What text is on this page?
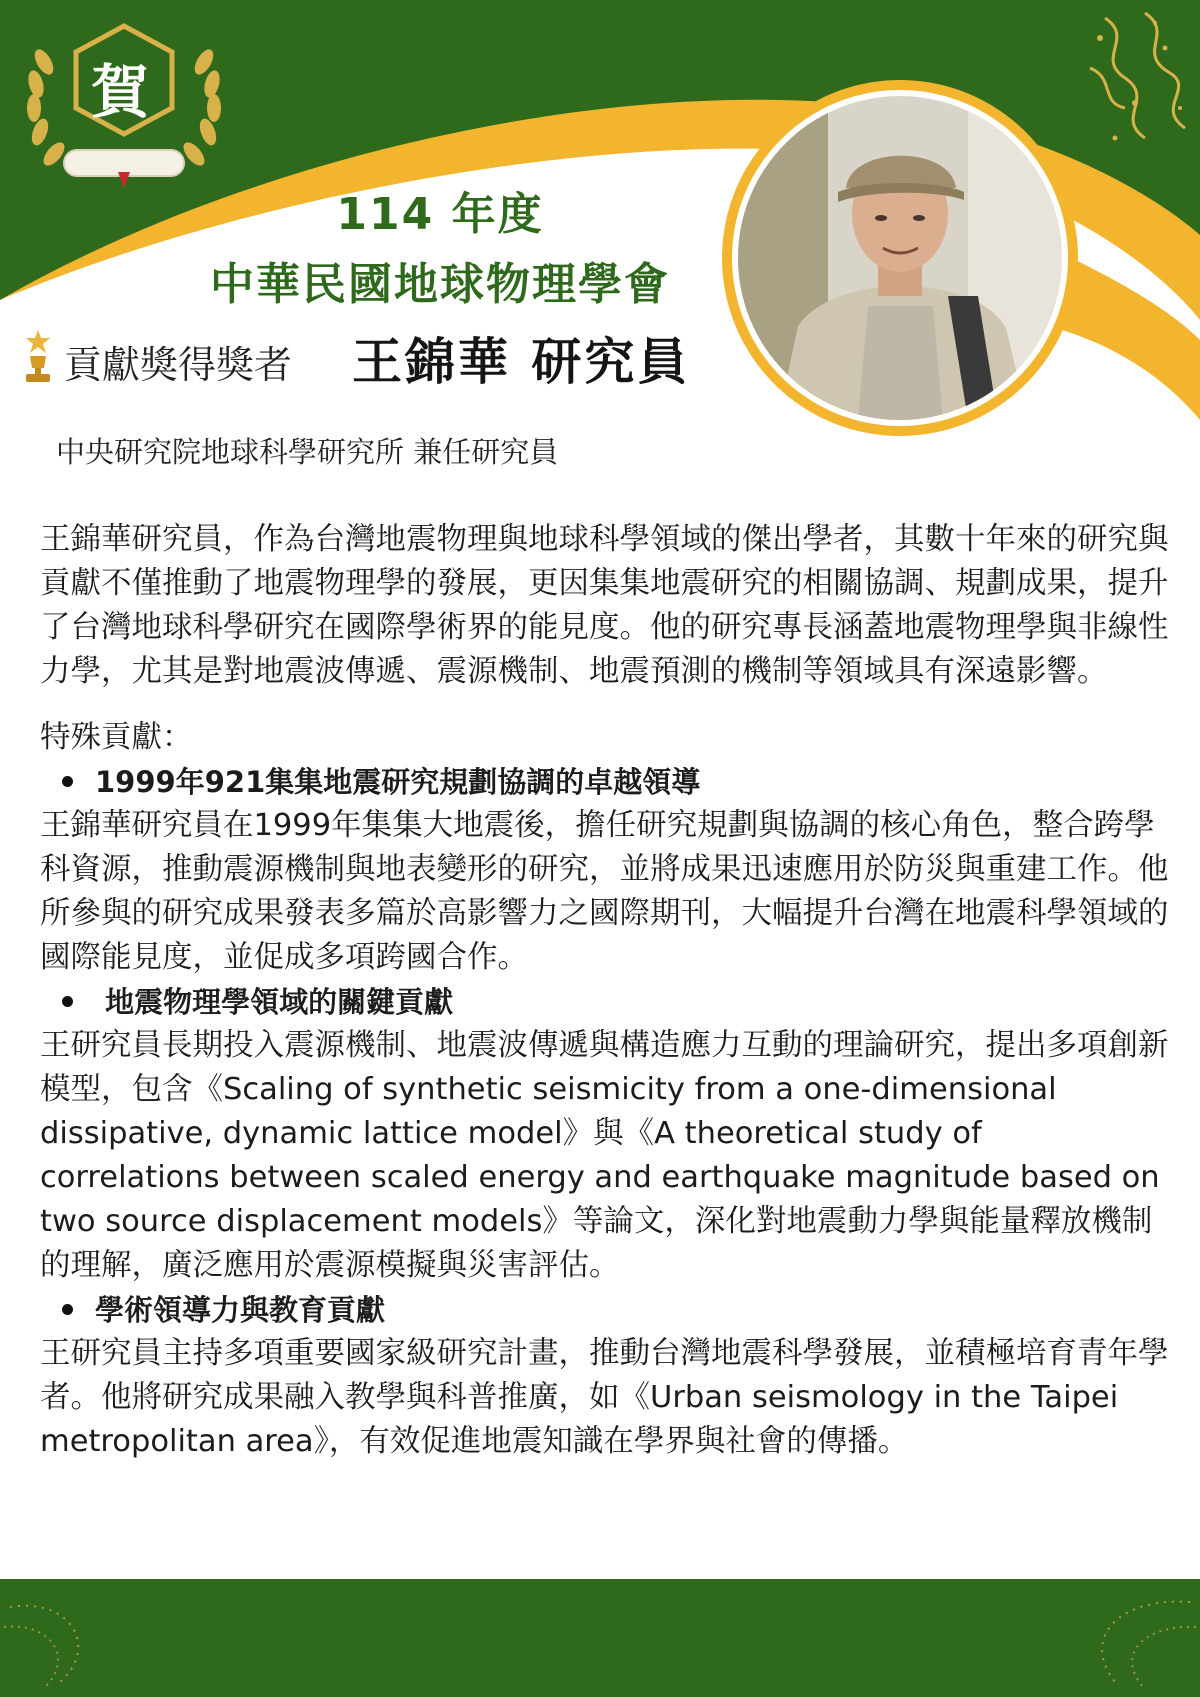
賀
114 年度
中華民國地球物理學會
貢獻獎得獎者 王錦華 研究員
中央研究院地球科學研究所 兼任研究員

王錦華研究員，作為台灣地震物理與地球科學領域的傑出學者，其數十年來的研究與貢獻不僅推動了地震物理學的發展，更因集集地震研究的相關協調、規劃成果，提升了台灣地球科學研究在國際學術界的能見度。他的研究專長涵蓋地震物理學與非線性力學，尤其是對地震波傳遞、震源機制、地震預測的機制等領域具有深遠影響。

特殊貢獻：

1999年921集集地震研究規劃協調的卓越領導

王錦華研究員在1999年集集大地震後，擔任研究規劃與協調的核心角色，整合跨學科資源，推動震源機制與地表變形的研究，並將成果迅速應用於防災與重建工作。他所參與的研究成果發表多篇於高影響力之國際期刊，大幅提升台灣在地震科學領域的國際能見度，並促成多項跨國合作。

地震物理學領域的關鍵貢獻

王研究員長期投入震源機制、地震波傳遞與構造應力互動的理論研究，提出多項創新模型，包含《Scaling of synthetic seismicity from a one-dimensional dissipative, dynamic lattice model》與《A theoretical study of correlations between scaled energy and earthquake magnitude based on two source displacement models》等論文，深化對地震動力學與能量釋放機制的理解，廣泛應用於震源模擬與災害評估。

學術領導力與教育貢獻

王研究員主持多項重要國家級研究計畫，推動台灣地震科學發展，並積極培育青年學者。他將研究成果融入教學與科普推廣，如《Urban seismology in the Taipei metropolitan area》，有效促進地震知識在學界與社會的傳播。
